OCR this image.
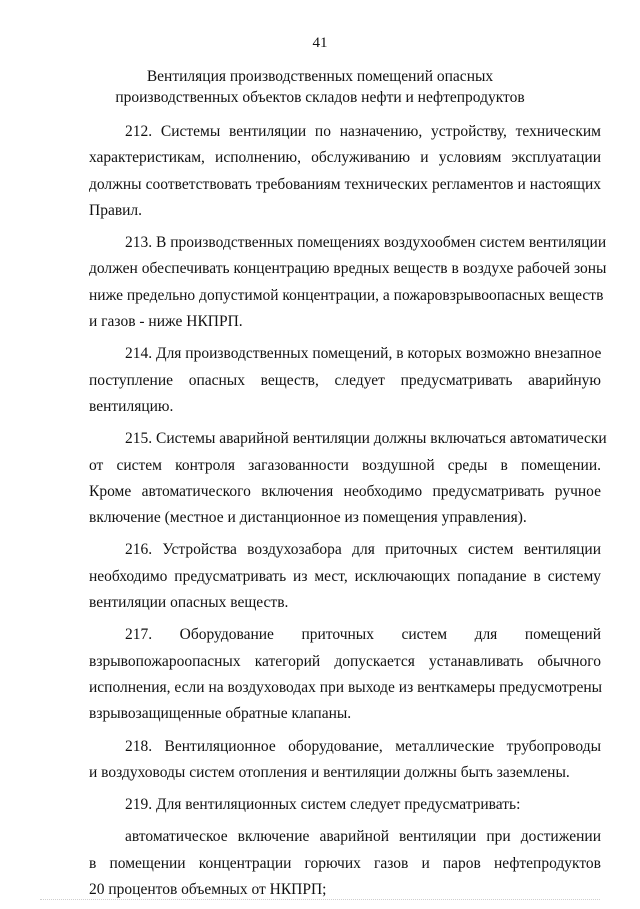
41
Вентиляция производственных помещений опасных
производственных объектов складов нефти и нефтепродуктов
212. Системы вентиляции по назначению, устройству, техническим
характеристикам, исполнению, обслуживанию и условиям эксплуатации
должны соответствовать требованиям технических регламентов и настоящих
Правил.
213. В производственных помещениях воздухообмен систем вентиляции
должен обеспечивать концентрацию вредных веществ в воздухе рабочей зоны
ниже предельно допустимой концентрации, а пожаровзрывоопасных веществ
и газов - ниже НКПРП.
214. Для производственных помещений, в которых возможно внезапное
поступление опасных веществ, следует предусматривать аварийную
вентиляцию.
215. Системы аварийной вентиляции должны включаться автоматически
от систем контроля загазованности воздушной среды в помещении.
Кроме автоматического включения необходимо предусматривать ручное
включение (местное и дистанционное из помещения управления).
216. Устройства воздухозабора для приточных систем вентиляции
необходимо предусматривать из мест, исключающих попадание в систему
вентиляции опасных веществ.
217. Оборудование приточных систем для помещений
взрывопожароопасных категорий допускается устанавливать обычного
исполнения, если на воздуховодах при выходе из венткамеры предусмотрены
взрывозащищенные обратные клапаны.
218. Вентиляционное оборудование, металлические трубопроводы
и воздуховоды систем отопления и вентиляции должны быть заземлены.
219. Для вентиляционных систем следует предусматривать:
автоматическое включение аварийной вентиляции при достижении
в помещении концентрации горючих газов и паров нефтепродуктов
20 процентов объемных от НКПРП;
